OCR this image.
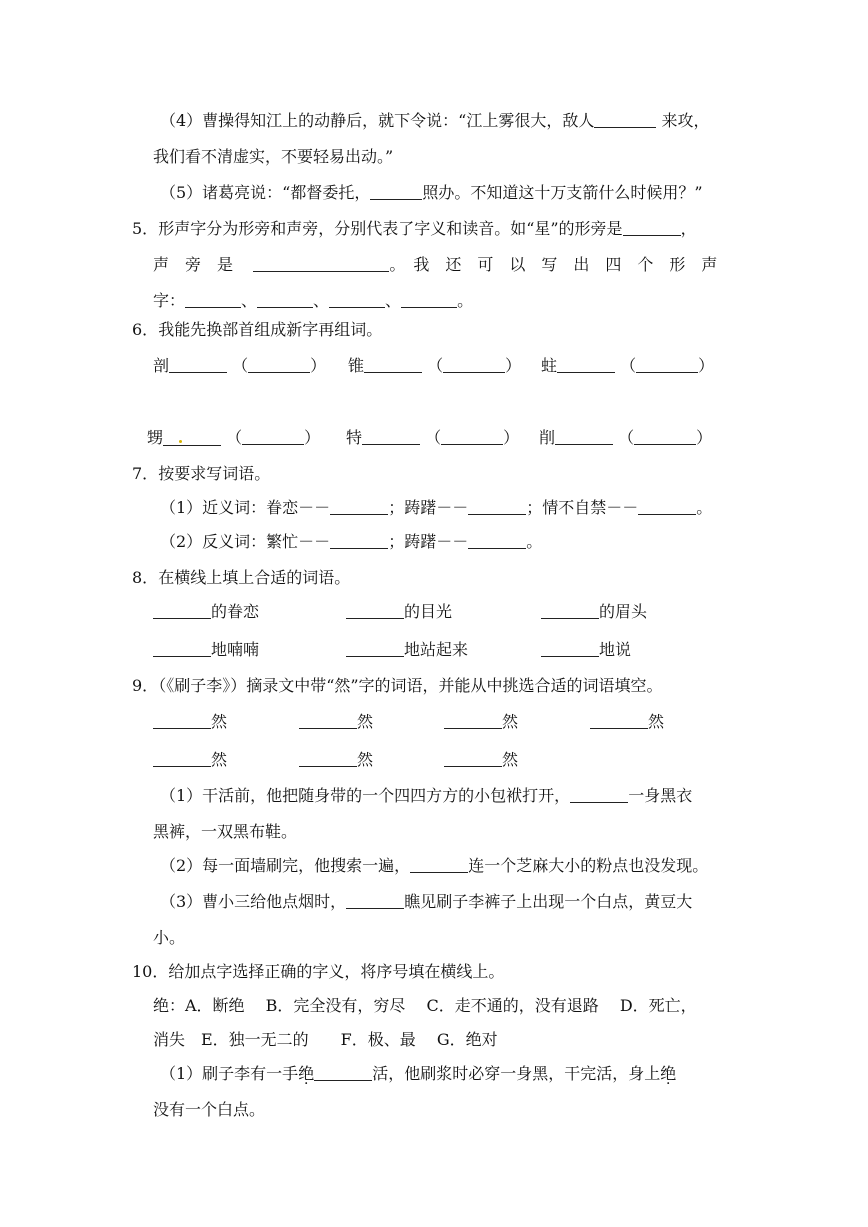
（4）曹操得知江上的动静后，就下令说：“江上雾很大，敌人	来攻，
我们看不清虚实，不要轻易出动。”
（5）诸葛亮说：“都督委托，	照办。不知道这十万支箭什么时候用？”
5．形声字分为形旁和声旁，分别代表了字义和读音。如“星”的形旁是	，
声　旁　是	。　我　还　可　以　写　出　四　个　形　声
字：	、	、	、	。
6．我能先换部首组成新字再组词。
剖	（	） 锥	（	） 蛀	（	）
甥	（	） 特	（	） 削	（	）
7．按要求写词语。
（1）近义词：眷恋－－	；踌躇－－	；情不自禁－－	。
（2）反义词：繁忙－－	；踌躇－－	。
8．在横线上填上合适的词语。
的眷恋	的目光	的眉头
地喃喃	地站起来	地说
9．（《刷子李》）摘录文中带“然”字的词语，并能从中挑选合适的词语填空。
然	然	然	然
然	然	然
（1）干活前，他把随身带的一个四四方方的小包袱打开，	一身黑衣
黑裤，一双黑布鞋。
（2）每一面墙刷完，他搜索一遍，	连一个芝麻大小的粉点也没发现。
（3）曹小三给他点烟时，	瞧见刷子李裤子上出现一个白点，黄豆大
小。
10．给加点字选择正确的字义，将序号填在横线上。
绝：A．断绝　 B．完全没有，穷尽　 C．走不通的，没有退路　 D．死亡，
消失　E．独一无二的　　F．极、最　 G．绝对
（1）刷子李有一手绝	活，他刷浆时必穿一身黑，干完活，身上绝
没有一个白点。
